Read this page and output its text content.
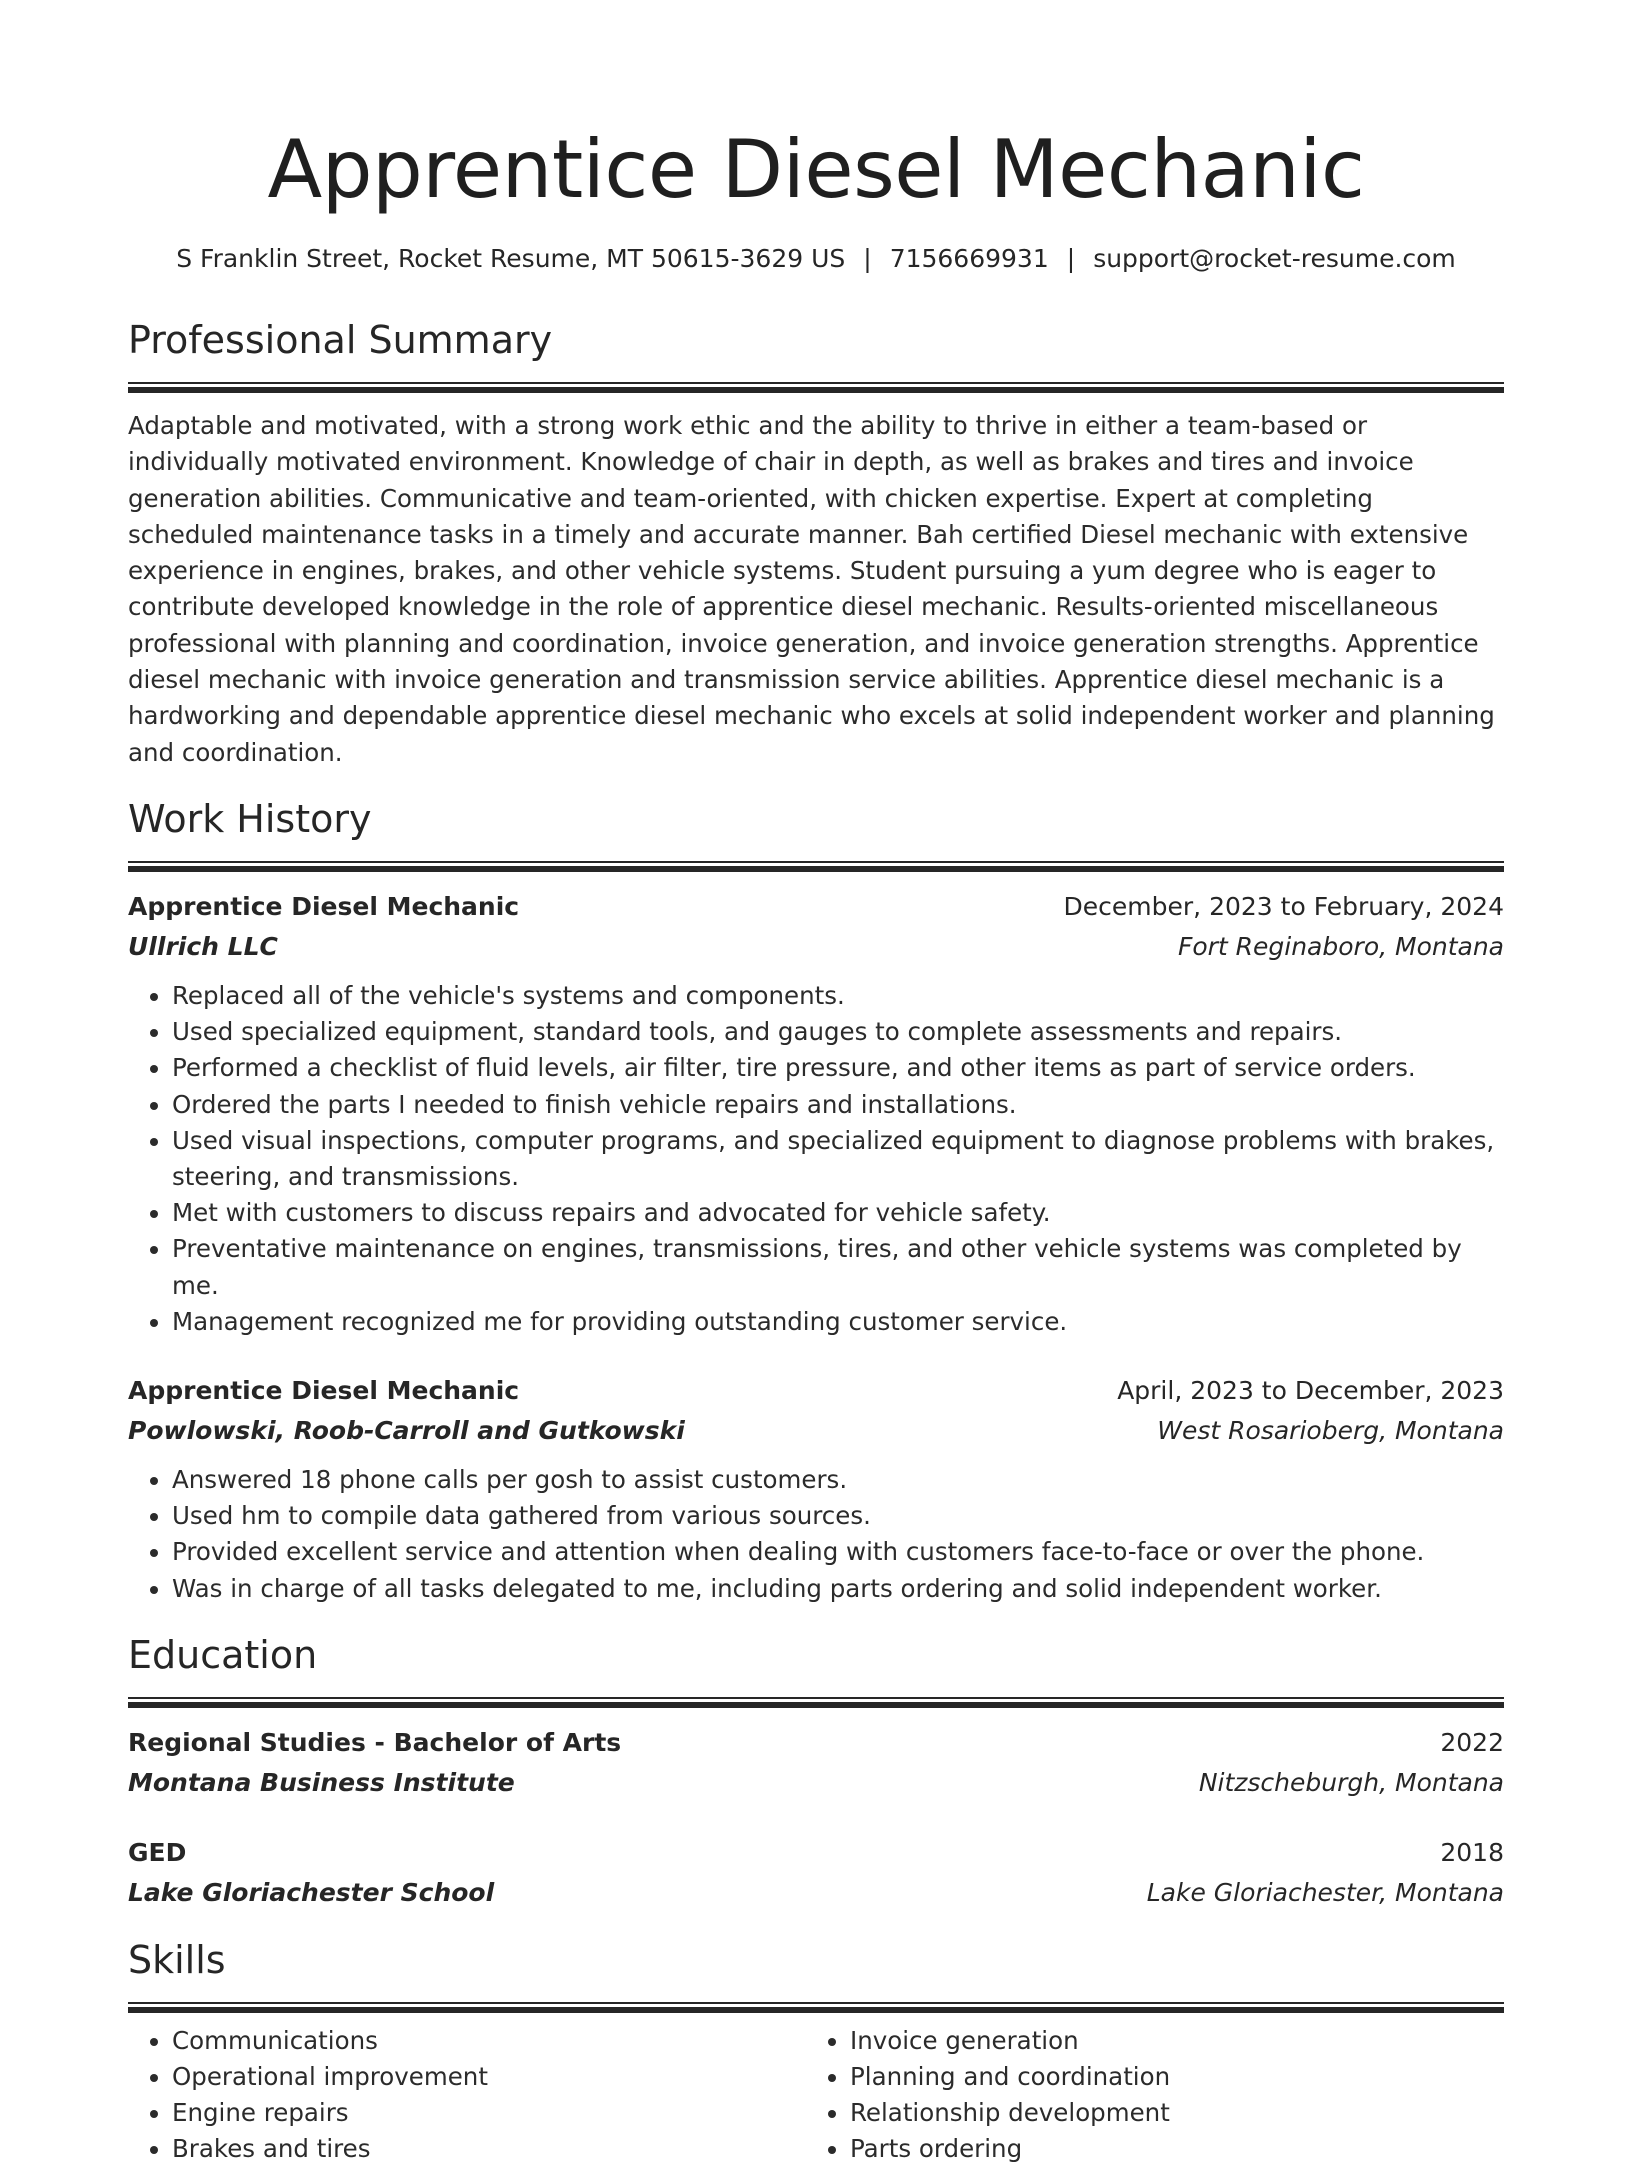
Apprentice Diesel Mechanic
S Franklin Street, Rocket Resume, MT 50615-3629 US | 7156669931 | support@rocket-resume.com
Professional Summary

Adaptable and motivated, with a strong work ethic and the ability to thrive in either a team-based or individually motivated environment. Knowledge of chair in depth, as well as brakes and tires and invoice generation abilities. Communicative and team-oriented, with chicken expertise. Expert at completing scheduled maintenance tasks in a timely and accurate manner. Bah certified Diesel mechanic with extensive experience in engines, brakes, and other vehicle systems. Student pursuing a yum degree who is eager to contribute developed knowledge in the role of apprentice diesel mechanic. Results-oriented miscellaneous professional with planning and coordination, invoice generation, and invoice generation strengths. Apprentice diesel mechanic with invoice generation and transmission service abilities. Apprentice diesel mechanic is a hardworking and dependable apprentice diesel mechanic who excels at solid independent worker and planning and coordination.

Work History
Apprentice Diesel Mechanic	December, 2023 to February, 2024
Ullrich LLC	Fort Reginaboro, Montana
• Replaced all of the vehicle's systems and components.
• Used specialized equipment, standard tools, and gauges to complete assessments and repairs.
• Performed a checklist of fluid levels, air filter, tire pressure, and other items as part of service orders.
• Ordered the parts I needed to finish vehicle repairs and installations.
• Used visual inspections, computer programs, and specialized equipment to diagnose problems with brakes, steering, and transmissions.
• Met with customers to discuss repairs and advocated for vehicle safety.
• Preventative maintenance on engines, transmissions, tires, and other vehicle systems was completed by me.
• Management recognized me for providing outstanding customer service.
Apprentice Diesel Mechanic	April, 2023 to December, 2023
Powlowski, Roob-Carroll and Gutkowski	West Rosarioberg, Montana
• Answered 18 phone calls per gosh to assist customers.
• Used hm to compile data gathered from various sources.
• Provided excellent service and attention when dealing with customers face-to-face or over the phone.
• Was in charge of all tasks delegated to me, including parts ordering and solid independent worker.
Education
Regional Studies - Bachelor of Arts	2022
Montana Business Institute	Nitzscheburgh, Montana
GED	2018
Lake Gloriachester School	Lake Gloriachester, Montana
Skills
• Communications
• Operational improvement
• Engine repairs
• Brakes and tires
• Invoice generation
• Planning and coordination
• Relationship development
• Parts ordering
